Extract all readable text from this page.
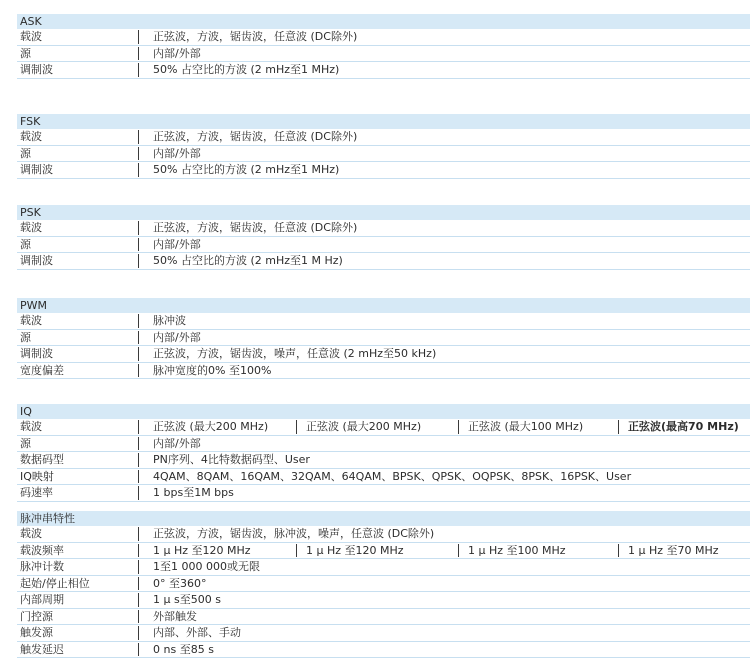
ASK
载波	正弦波，方波，锯齿波，任意波 (DC除外)
源	内部/外部
调制波	50% 占空比的方波 (2 mHz至1 MHz)
FSK
载波	正弦波，方波，锯齿波，任意波 (DC除外)
源	内部/外部
调制波	50% 占空比的方波 (2 mHz至1 MHz)
PSK
载波	正弦波，方波，锯齿波，任意波 (DC除外)
源	内部/外部
调制波	50% 占空比的方波 (2 mHz至1 M Hz)
PWM
载波	脉冲波
源	内部/外部
调制波	正弦波，方波，锯齿波，噪声，任意波 (2 mHz至50 kHz)
宽度偏差	脉冲宽度的0% 至100%
IQ
载波	正弦波 (最大200 MHz)	正弦波 (最大200 MHz)	正弦波 (最大100 MHz)	正弦波(最高70 MHz)
源	内部/外部
数据码型	PN序列、4比特数据码型、User
IQ映射	4QAM、8QAM、16QAM、32QAM、64QAM、BPSK、QPSK、OQPSK、8PSK、16PSK、User
码速率	1 bps至1M bps
脉冲串特性
载波	正弦波，方波，锯齿波，脉冲波，噪声，任意波 (DC除外)
载波频率	1 μ Hz 至120 MHz	1 μ Hz 至120 MHz	1 μ Hz 至100 MHz	1 μ Hz 至70 MHz
脉冲计数	1至1 000 000或无限
起始/停止相位	0° 至360°
内部周期	1 μ s至500 s
门控源	外部触发
触发源	内部、外部、手动
触发延迟	0 ns 至85 s
